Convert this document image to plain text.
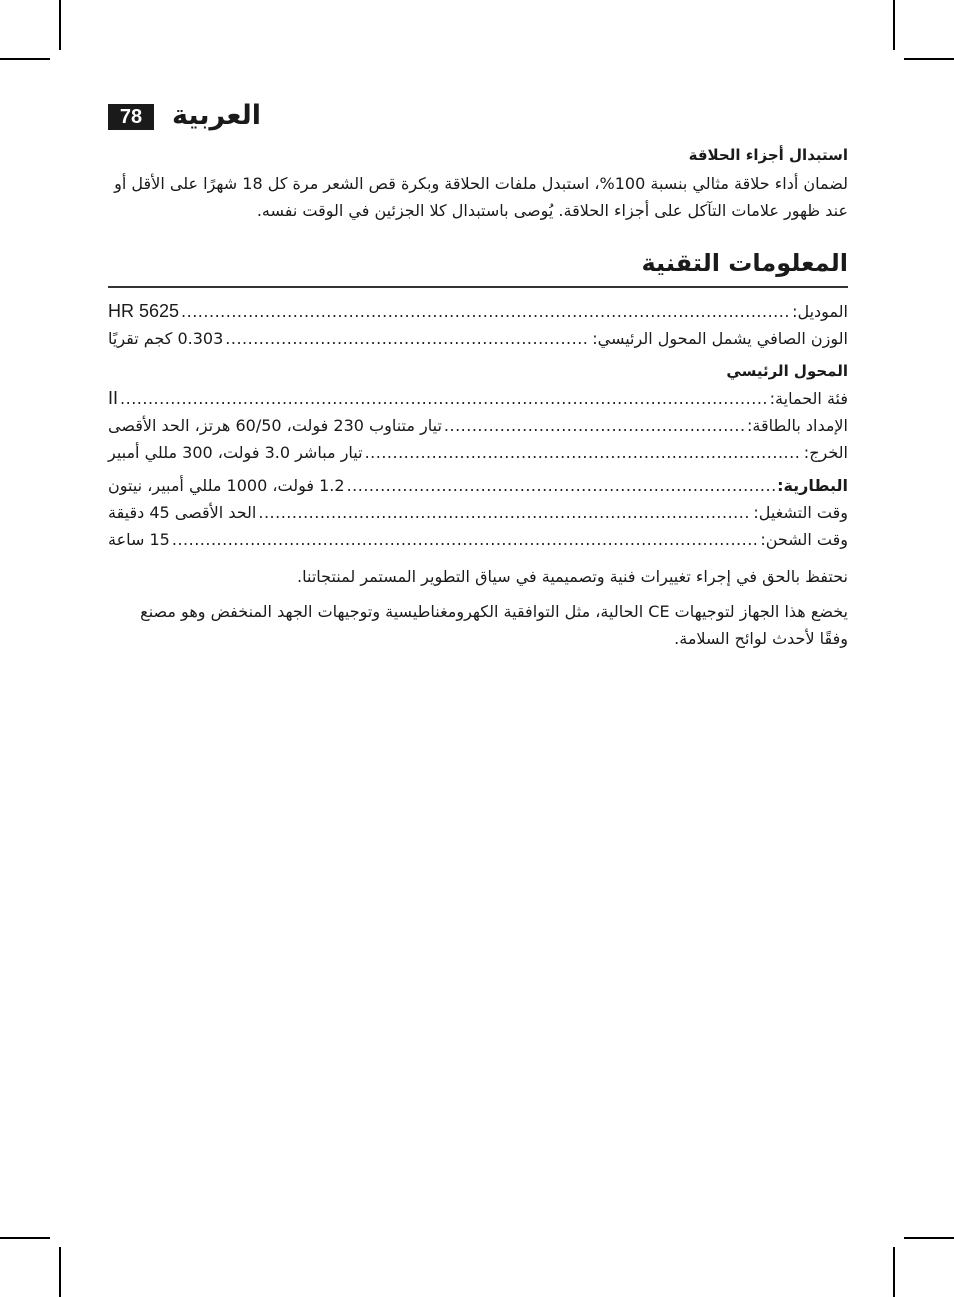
78	العربية
استبدال أجزاء الحلاقة

لضمان أداء حلاقة مثالي بنسبة 100%، استبدل ملفات الحلاقة وبكرة قص الشعر مرة كل 18 شهرًا على الأقل أو عند ظهور علامات التآكل على أجزاء الحلاقة. يُوصى باستبدال كلا الجزئين في الوقت نفسه.

المعلومات التقنية
الموديل:
.....
HR 5625
الوزن الصافي يشمل المحول الرئيسي:
.....
0.303 كجم تقريًا
المحول الرئيسي
فئة الحماية:
.....
II
الإمداد بالطاقة:
.....
تيار متناوب 230 فولت، 60/50 هرتز، الحد الأقصى
الخرج:
.....
تيار مباشر 3.0 فولت، 300 مللي أمبير
البطارية:
.....
1.2 فولت، 1000 مللي أمبير، نيتون
وقت التشغيل:
.....
الحد الأقصى 45 دقيقة
وقت الشحن:
.....
15 ساعة

نحتفظ بالحق في إجراء تغييرات فنية وتصميمية في سياق التطوير المستمر لمنتجاتنا.

يخضع هذا الجهاز لتوجيهات CE الحالية، مثل التوافقية الكهرومغناطيسية وتوجيهات الجهد المنخفض وهو مصنع وفقًا لأحدث لوائح السلامة.
